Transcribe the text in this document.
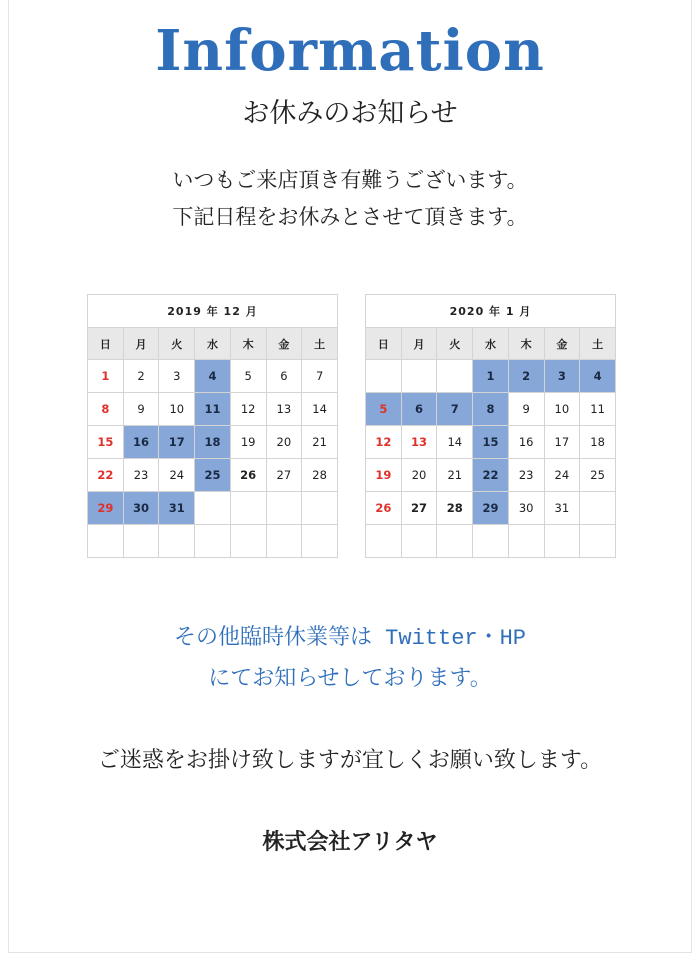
Information
お休みのお知らせ
いつもご来店頂き有難うございます。
下記日程をお休みとさせて頂きます。
2019 年 12 月						
日	月	火	水	木	金	土
1	2	3	4	5	6	7
8	9	10	11	12	13	14
15	16	17	18	19	20	21
22	23	24	25	26	27	28
29	30	31				

2020 年 1 月						
日	月	火	水	木	金	土
			1	2	3	4
5	6	7	8	9	10	11
12	13	14	15	16	17	18
19	20	21	22	23	24	25
26	27	28	29	30	31	

その他臨時休業等は Twitter・HP
にてお知らせしております。
ご迷惑をお掛け致しますが宜しくお願い致します。
株式会社アリタヤ
